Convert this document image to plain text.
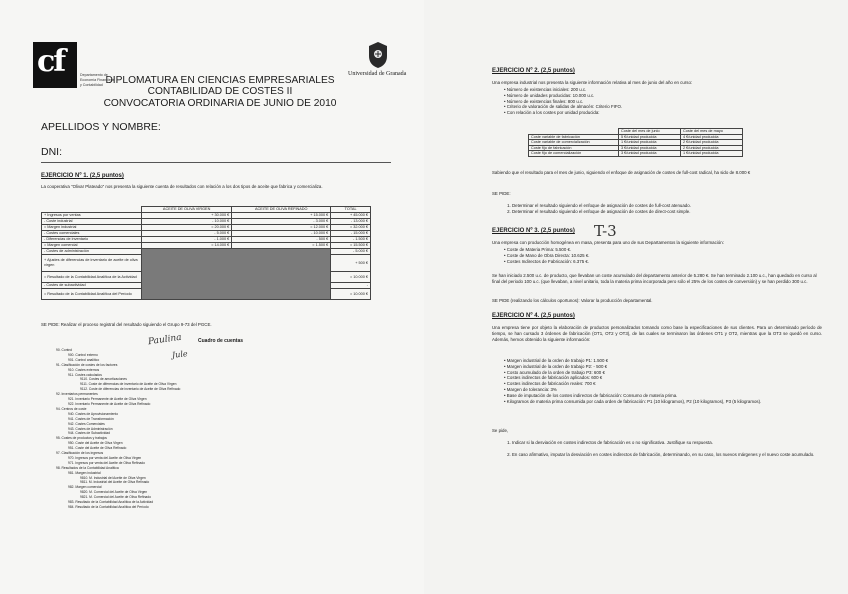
cf	Departamento de Economía Financiera y Contabilidad DIPLOMATURA EN CIENCIAS EMPRESARIALES
CONTABILIDAD DE COSTES II
CONVOCATORIA ORDINARIA DE JUNIO DE 2010
Universidad de Granada
APELLIDOS Y NOMBRE:
DNI:
EJERCICIO Nº 1. (2,5 puntos)
La cooperativa "Olivar Plateado" nos presenta la siguiente cuenta de resultados con relación a los dos tipos de aceite que fabrica y comercializa.
	ACEITE DE OLIVA VIRGEN	ACEITE DE OLIVA REFINADO	TOTAL
+ Ingresos por ventas	+ 30.000 €	+ 15.000 €	+ 45.000 €
- Coste industrial	- 10.000 €	- 3.000 €	- 13.000 €
= Margen industrial	= 20.000 €	= 12.000 €	= 32.000 €
- Costes comerciales	- 5.000 €	- 10.000 €	- 15.000 €
- Diferencias de inventario	- 1.000 €	- 500 €	- 1.500 €
= Margen comercial	= 14.000 €	= 1.500 €	= 15.500 €
- Costes de administración			- 5.000 €
+ Ajustes de diferencias de inventario de aceite de oliva virgen			+ 500 €
= Resultado de la Contabilidad Analítica de la Actividad			= 10.000 €
- Costes de subactividad			-
= Resultado de la Contabilidad Analítica del Período			= 10.000 €
SE PIDE: Realizar el proceso registral del resultado siguiendo el Grupo 9-73 del PGCE.
Paulina
Jule
Cuadro de cuentas
90. Control
900. Control externo
901. Control analítico
91. Clasificación de costes de los factores
910. Costes externos
911. Costes calculados
9110. Costes de amortizaciones
9111. Coste de diferencias de inventario de Aceite de Oliva Virgen
9112. Coste de diferencias de inventario de Aceite de Oliva Refinado
92. Inventarios permanentes
921. Inventario Permanente de Aceite de Oliva Virgen
922. Inventario Permanente de Aceite de Oliva Refinado
94. Centros de coste
940. Costes de Aprovisionamiento
941. Costes de Transformación
942. Costes Comerciales
943. Costes de Administración
944. Costes de Subactividad
95. Costes de productos y trabajos
950. Coste del Aceite de Oliva Virgen
951. Coste del Aceite de Oliva Refinado
97. Clasificación de los ingresos
970. Ingresos por venta del Aceite de Oliva Virgen
971. Ingresos por venta del Aceite de Oliva Refinado
98. Resultados de la Contabilidad Analítica
981. Margen industrial
9810. M. Industrial del Aceite de Oliva Virgen
9811. M. Industrial del Aceite de Oliva Refinado
982. Margen comercial
9820. M. Comercial del Aceite de Oliva Virgen
9821. M. Comercial del Aceite de Oliva Refinado
983. Resultado de la Contabilidad Analítica de la Actividad
984. Resultado de la Contabilidad Analítica del Período
EJERCICIO Nº 2. (2,5 puntos)
Una empresa industrial nos presenta la siguiente información relativa al mes de junio del año en curso:
• Número de existencias iniciales: 200 u.c.
• Número de unidades producidas: 10.000 u.c.
• Número de existencias finales: 800 u.c.
• Criterio de valoración de salidas de almacén: Criterio FIFO.
• Con relación a los costes por unidad producida:
	Coste del mes de junio	Coste del mes de mayo
Coste variable de fabricación	5 €/unidad producida	4 €/unidad producida
Coste variable de comercialización	1 €/unidad producida	2 €/unidad producida
Coste fijo de fabricación	3 €/unidad producida	2 €/unidad producida
Coste fijo de comercialización	3 €/unidad producida	1 €/unidad producida
Sabiendo que el resultado para el mes de junio, siguiendo el enfoque de asignación de costes de full-cost radical, ha sido de 8.000 €
SE PIDE:
1. Determinar el resultado siguiendo el enfoque de asignación de costes de full-cost atenuado.
2. Determinar el resultado siguiendo el enfoque de asignación de costes de direct-cost simple.
EJERCICIO Nº 3. (2,5 puntos) T-3
Una empresa con producción homogénea en masa, presenta para uno de sus Departamentos la siguiente información:
• Coste de Materia Prima: 5.500 €.
• Coste de Mano de Obra Directa: 10.625 €.
• Costes Indirectos de Fabricación: 6.375 €.
Se han iniciado 2.500 u.c. de producto, que llevaban un coste acumulado del departamento anterior de 5.280 €. Se han terminado 2.100 u.c., han quedado en curso al final del periodo 100 u.c. (que llevaban, a nivel unitario, toda la materia prima incorporada pero sólo el 25% de los costes de conversión) y se han perdido 300 u.c.
SE PIDE (realizando los cálculos oportunos): Valorar la producción departamental.
EJERCICIO Nº 4. (2,5 puntos)
Una empresa tiene por objeto la elaboración de productos personalizados tomando como base la especificaciones de sus clientes. Para un determinado período de tiempo, se han cursado 3 órdenes de fabricación (OT1, OT2 y OT3), de las cuales se terminaron las órdenes OT1 y OT2, mientras que la OT3 se quedó en curso. Además, hemos obtenido la siguiente información:
• Margen industrial de la orden de trabajo P1: 1.500 €
• Margen industrial de la orden de trabajo P2: - 500 €
• Costo acumulado de la orden de trabajo P3: 600 €
• Costes indirectos de fabricación aplicados: 600 €
• Costes indirectos de fabricación reales: 700 €
• Margen de tolerancia: 3%
• Base de imputación de los costes indirectos de fabricación: Consumo de materia prima.
• Kilogramos de materia prima consumida por cada orden de fabricación: P1 (10 kilogramos), P2 (10 kilogramos), P3 (5 kilogramos).
Se pide,
1. Indicar si la desviación en costes indirectos de fabricación es o no significativa. Justifique su respuesta.
2. En caso afirmativo, imputar la desviación en costes indirectos de fabricación, determinando, en su caso, los nuevos márgenes y el nuevo coste acumulado.
